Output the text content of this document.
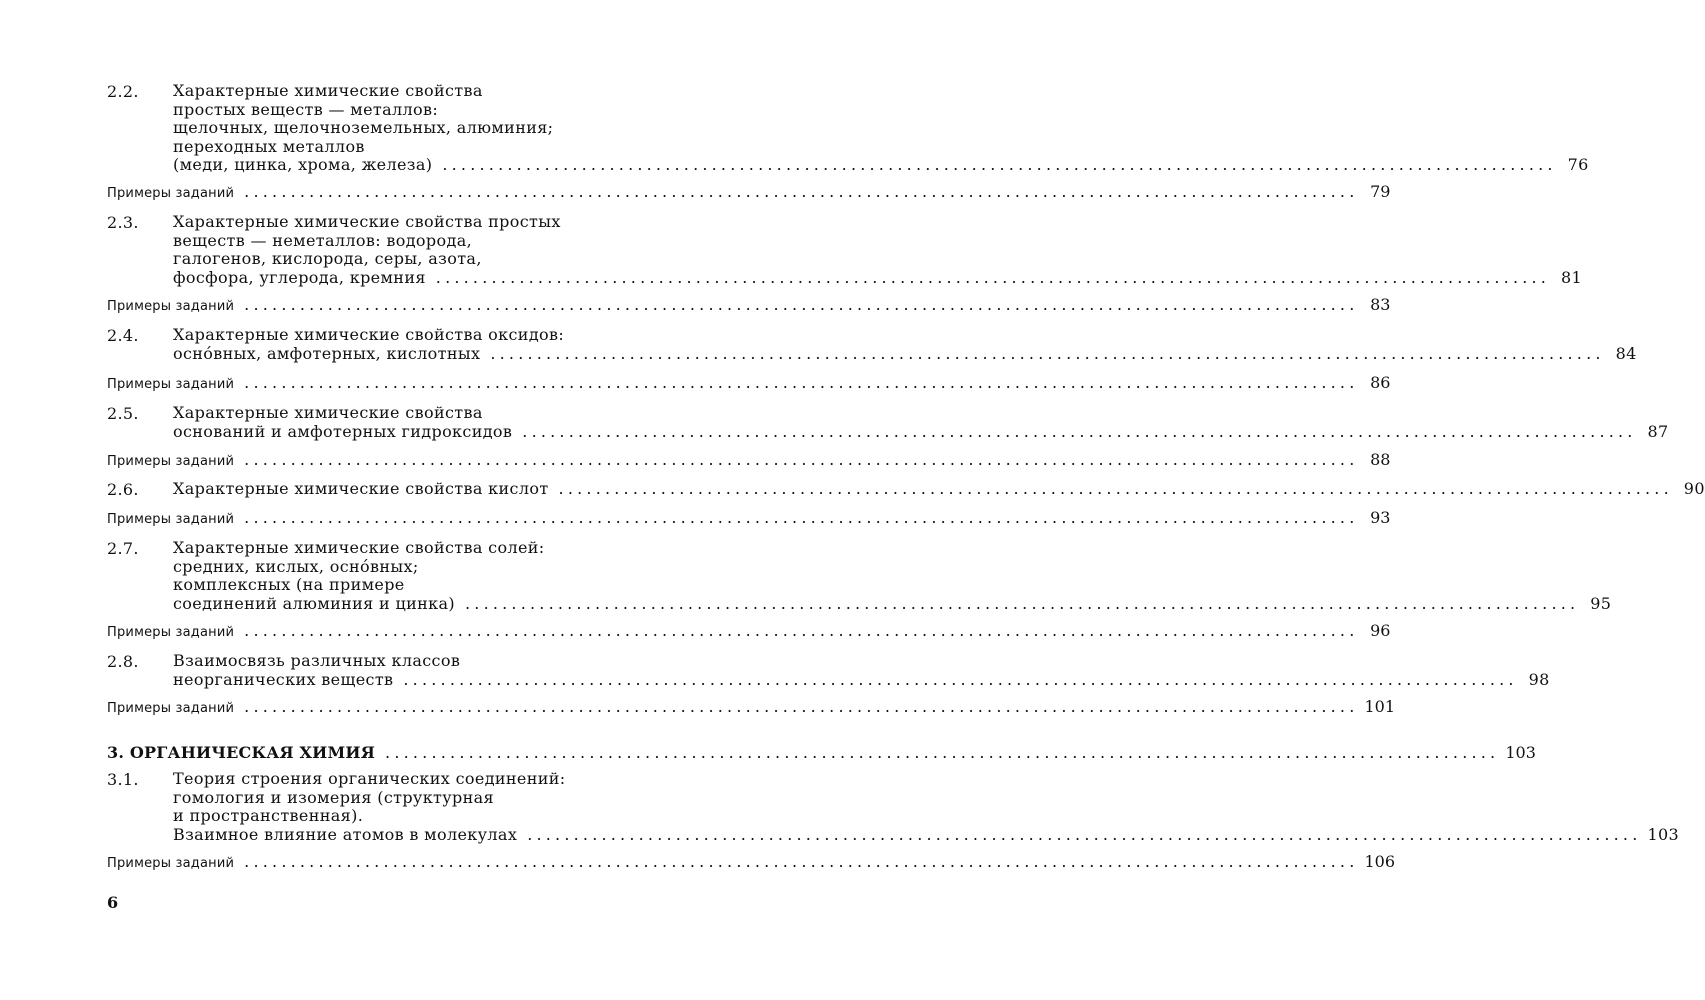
2.2. Характерные химические свойства
простых веществ — металлов:
щелочных, щелочноземельных, алюминия;
переходных металлов
(меди, цинка, хрома, железа) ........................................................................................................................ 76
Примеры заданий ........................................................................................................................ 79
2.3. Характерные химические свойства простых
веществ — неметаллов: водорода,
галогенов, кислорода, серы, азота,
фосфора, углерода, кремния ........................................................................................................................ 81
Примеры заданий ........................................................................................................................ 83
2.4. Характерные химические свойства оксидов:
осно́вных, амфотерных, кислотных ........................................................................................................................ 84
Примеры заданий ........................................................................................................................ 86
2.5. Характерные химические свойства
оснований и амфотерных гидроксидов ........................................................................................................................ 87
Примеры заданий ........................................................................................................................ 88
2.6. Характерные химические свойства кислот ........................................................................................................................ 90
Примеры заданий ........................................................................................................................ 93
2.7. Характерные химические свойства солей:
средних, кислых, осно́вных;
комплексных (на примере
соединений алюминия и цинка) ........................................................................................................................ 95
Примеры заданий ........................................................................................................................ 96
2.8. Взаимосвязь различных классов
неорганических веществ ........................................................................................................................ 98
Примеры заданий ........................................................................................................................ 101
3. ОРГАНИЧЕСКАЯ ХИМИЯ ........................................................................................................................ 103
3.1. Теория строения органических соединений:
гомология и изомерия (структурная
и пространственная).
Взаимное влияние атомов в молекулах ........................................................................................................................ 103
Примеры заданий ........................................................................................................................ 106
6
